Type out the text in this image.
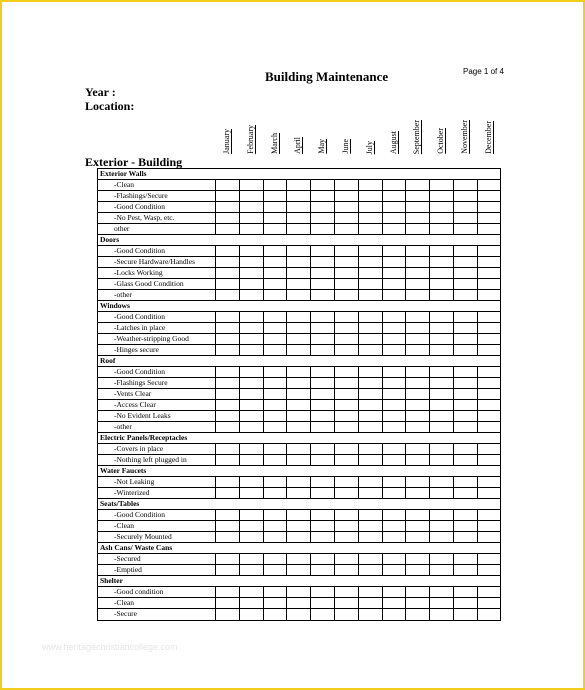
Page 1 of 4
Building Maintenance
Year :
Location:
Exterior - Building
January February March April May June July August September October November December
Exterior Walls
-Clean
-Flashings/Secure
-Good Condition
-No Pest, Wasp, etc.
other
Doors
-Good Condition
-Secure Hardware/Handles
-Locks Working
-Glass Good Condition
-other
Windows
-Good Condition
-Latches in place
-Weather-stripping Good
-Hinges secure
Roof
-Good Condition
-Flashings Secure
-Vents Clear
-Access Clear
-No Evident Leaks
-other
Electric Panels/Receptacles
-Covers in place
-Nothing left plugged in
Water Faucets
-Not Leaking
-Winterized
Seats/Tables
-Good Condition
-Clean
-Securely Mounted
Ash Cans/ Waste Cans
-Secured
-Emptied
Shelter
-Good condition
-Clean
-Secure
www.heritagechristiancollege.com
